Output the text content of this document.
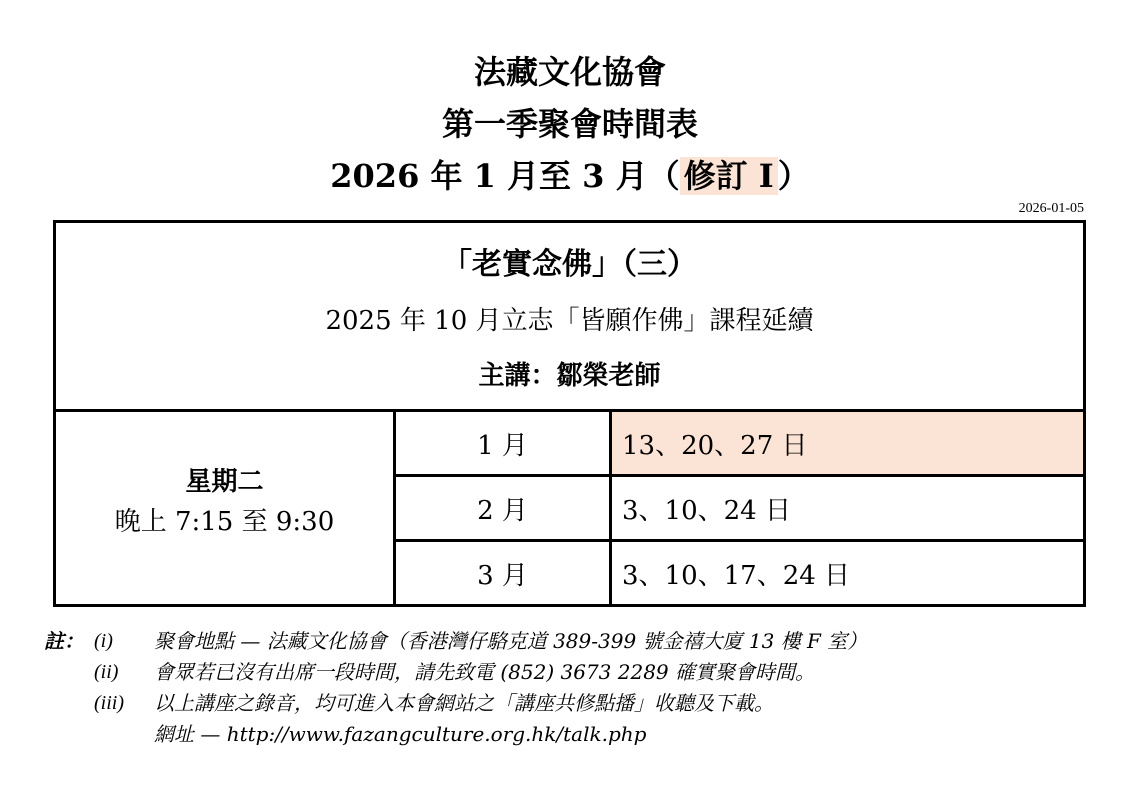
法藏文化協會
第一季聚會時間表
2026 年 1 月至 3 月（ 修訂 I ）
2026-01-05
「老實念佛」（三）
2025 年 10 月立志「皆願作佛」課程延續
主講：鄒榮老師
星期二
晚上 7:15 至 9:30
1 月	13、20、27 日
2 月	3、10、24 日
3 月	3、10、17、24 日
註： (i) 聚會地點 — 法藏文化協會（香港灣仔駱克道 389-399 號金禧大廈 13 樓 F 室）
(ii) 會眾若已沒有出席一段時間，請先致電 (852) 3673 2289 確實聚會時間。
(iii) 以上講座之錄音，均可進入本會網站之「講座共修點播」收聽及下載。
網址 — http://www.fazangculture.org.hk/talk.php
